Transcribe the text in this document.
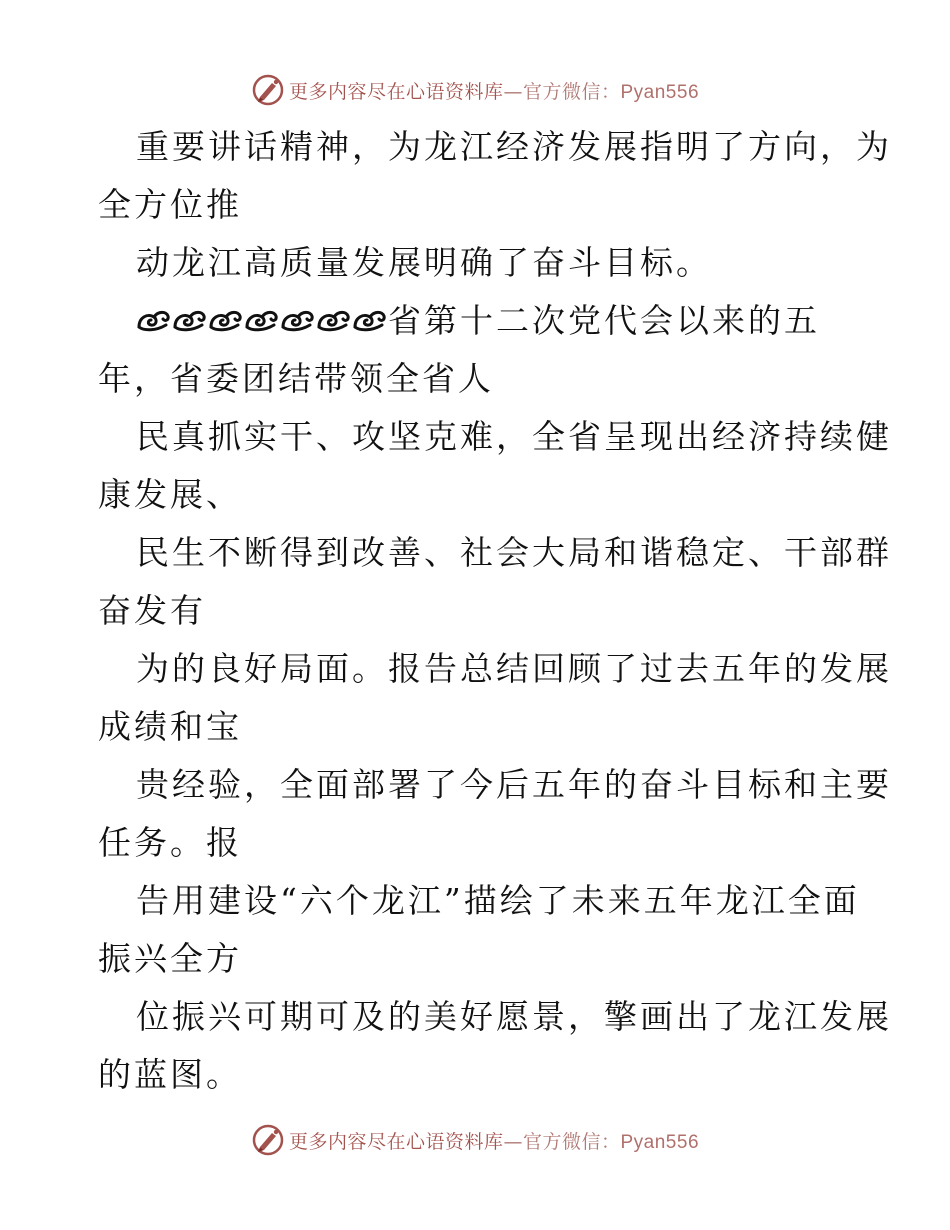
更多内容尽在心语资料库—官方微信：Pyan556
重要讲话精神，为龙江经济发展指明了方向，为
全方位推
动龙江高质量发展明确了奋斗目标。
省第十二次党代会以来的五
年，省委团结带领全省人
民真抓实干、攻坚克难，全省呈现出经济持续健
康发展、
民生不断得到改善、社会大局和谐稳定、干部群
奋发有
为的良好局面。报告总结回顾了过去五年的发展
成绩和宝
贵经验，全面部署了今后五年的奋斗目标和主要
任务。报
告用建设“六个龙江”描绘了未来五年龙江全面
振兴全方
位振兴可期可及的美好愿景，擎画出了龙江发展
的蓝图。
更多内容尽在心语资料库—官方微信：Pyan556
